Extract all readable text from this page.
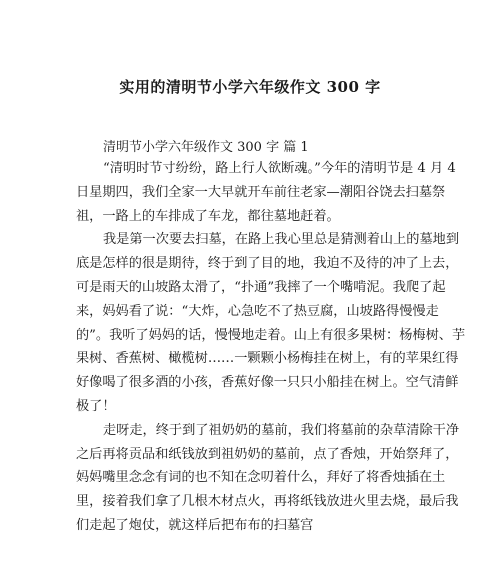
实用的清明节小学六年级作文 300 字

清明节小学六年级作文 300 字 篇 1

“清明时节寸纷纷，路上行人欲断魂。”今年的清明节是 4 月 4
日星期四，我们全家一大早就开车前往老家—潮阳谷饶去扫墓祭
祖，一路上的车排成了车龙，都往墓地赶着。
我是第一次要去扫墓，在路上我心里总是猜测着山上的墓地到
底是怎样的很是期待，终于到了目的地，我迫不及待的冲了上去，
可是雨天的山坡路太滑了，“扑通”我摔了一个嘴啃泥。我爬了起
来，妈妈看了说：“大炸，心急吃不了热豆腐，山坡路得慢慢走
的”。我听了妈妈的话，慢慢地走着。山上有很多果树：杨梅树、芋
果树、香蕉树、橄榄树……一颗颗小杨梅挂在树上，有的苹果红得
好像喝了很多酒的小孩，香蕉好像一只只小船挂在树上。空气清鲜
极了！
走呀走，终于到了祖奶奶的墓前，我们将墓前的杂草清除干净
之后再将贡品和纸钱放到祖奶奶的墓前，点了香烛，开始祭拜了，
妈妈嘴里念念有词的也不知在念叨着什么，拜好了将香烛插在土
里，接着我们拿了几根木材点火，再将纸钱放进火里去烧，最后我
们走起了炮仗，就这样后把布布的扫墓宫
